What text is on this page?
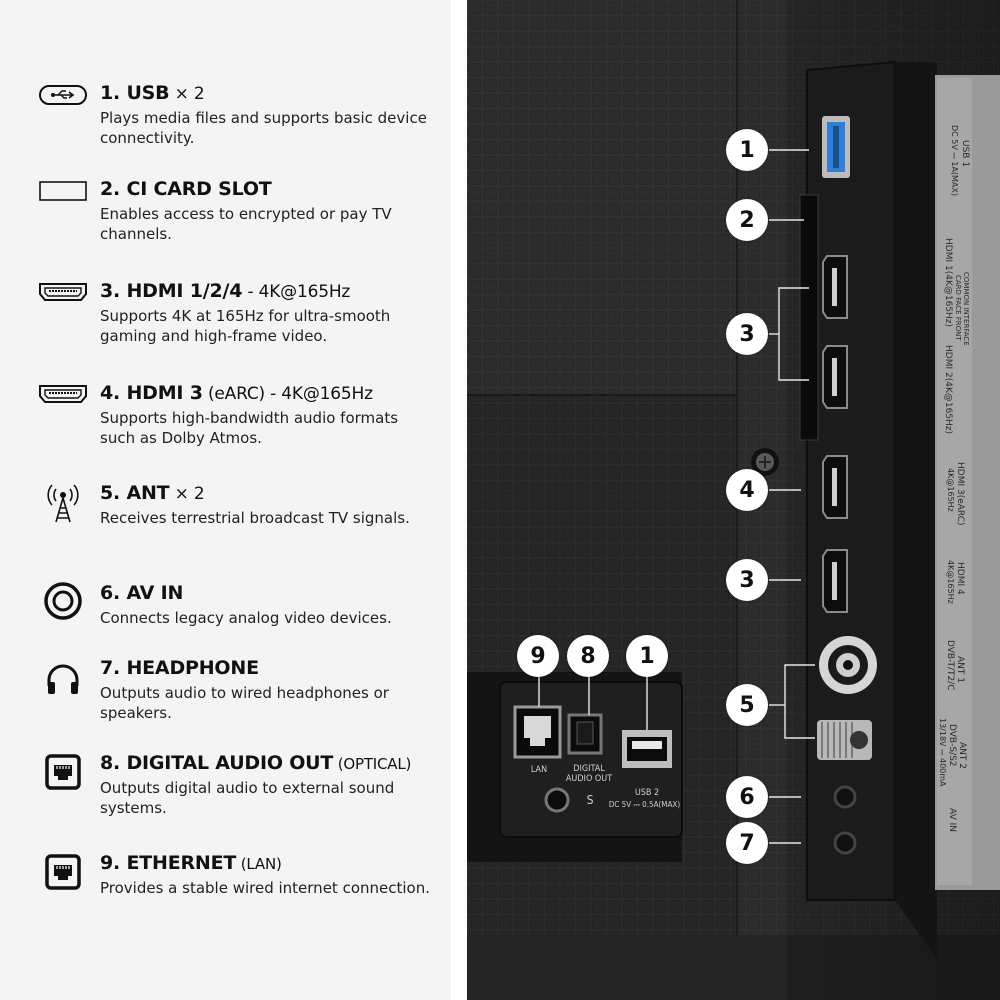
1. USB × 2
Plays media files and supports basic device connectivity.
2. CI CARD SLOT
Enables access to encrypted or pay TV channels.
3. HDMI 1/2/4 - 4K@165Hz
Supports 4K at 165Hz for ultra-smooth gaming and high-frame video.
4. HDMI 3 (eARC) - 4K@165Hz
Supports high-bandwidth audio formats such as Dolby Atmos.
5. ANT × 2
Receives terrestrial broadcast TV signals.
6. AV IN
Connects legacy analog video devices.
7. HEADPHONE
Outputs audio to wired headphones or speakers.
8. DIGITAL AUDIO OUT (OPTICAL)
Outputs digital audio to external sound systems.
9. ETHERNET (LAN)
Provides a stable wired internet connection.
1
2
3
4
3
5
6
7
9	8	1
LAN	DIGITAL AUDIO OUT
USB 2
DC 5V ⎓ 0.5A(MAX)
S
USB 1
DC 5V ⎓ 1A(MAX)
COMMON INTERFACE
CARD FACE FRONT
HDMI 1(4K@165Hz)
HDMI 2(4K@165Hz)
HDMI 3(eARC)
4K@165Hz
HDMI 4
4K@165Hz
ANT 1
DVB-T/T2/C
ANT 2
DVB-S/S2
13/18V ⎓ 400mA
AV IN
